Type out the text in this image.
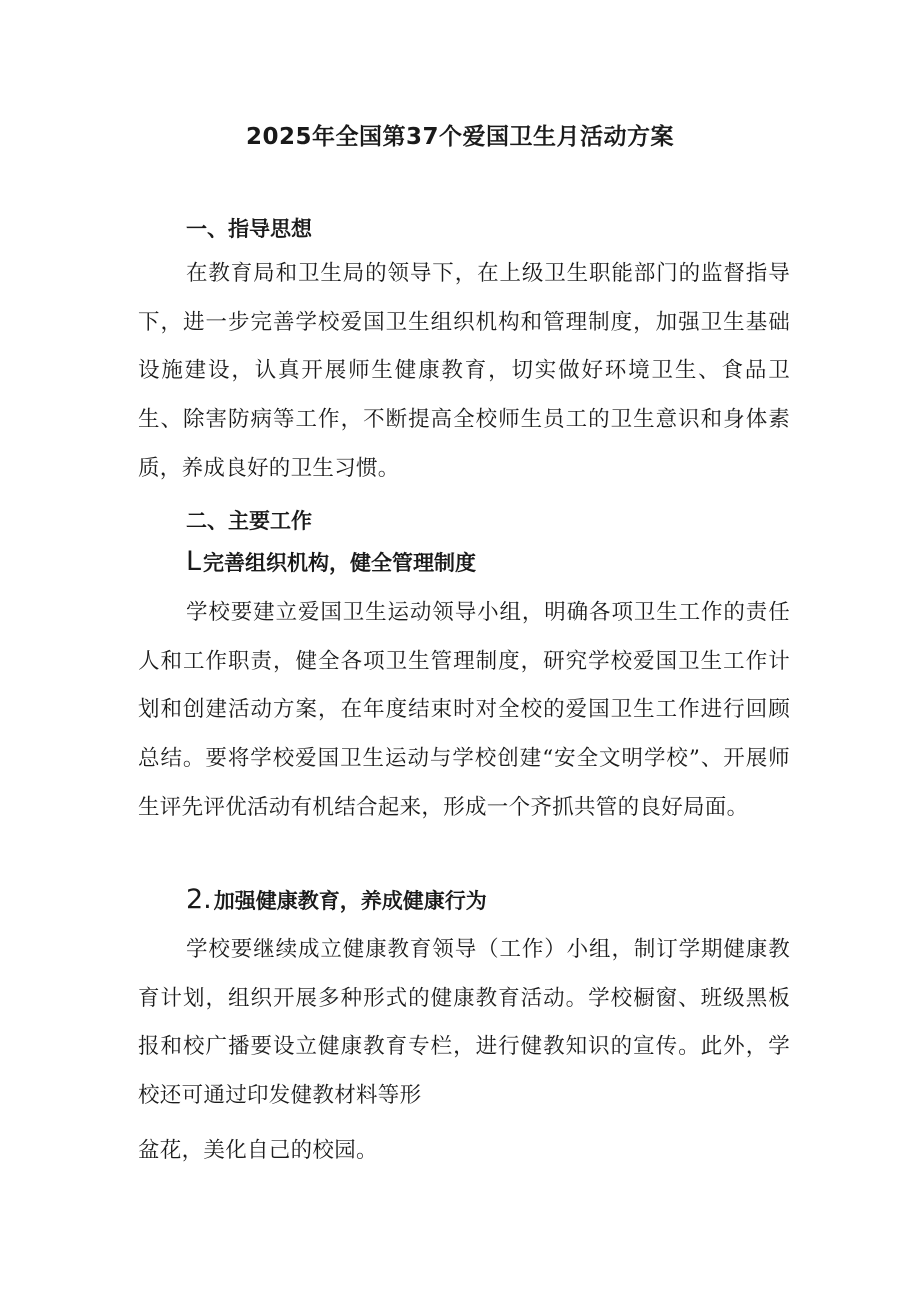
2025年全国第37个爱国卫生月活动方案
一、指导思想
在教育局和卫生局的领导下，在上级卫生职能部门的监督指导下，进一步完善学校爱国卫生组织机构和管理制度，加强卫生基础设施建设，认真开展师生健康教育，切实做好环境卫生、食品卫生、除害防病等工作，不断提高全校师生员工的卫生意识和身体素质，养成良好的卫生习惯。
二、主要工作
L完善组织机构，健全管理制度
学校要建立爱国卫生运动领导小组，明确各项卫生工作的责任人和工作职责，健全各项卫生管理制度，研究学校爱国卫生工作计划和创建活动方案，在年度结束时对全校的爱国卫生工作进行回顾总结。要将学校爱国卫生运动与学校创建“安全文明学校”、开展师生评先评优活动有机结合起来，形成一个齐抓共管的良好局面。
2.加强健康教育，养成健康行为
学校要继续成立健康教育领导（工作）小组，制订学期健康教育计划，组织开展多种形式的健康教育活动。学校橱窗、班级黑板报和校广播要设立健康教育专栏，进行健教知识的宣传。此外，学校还可通过印发健教材料等形
盆花，美化自己的校园。
